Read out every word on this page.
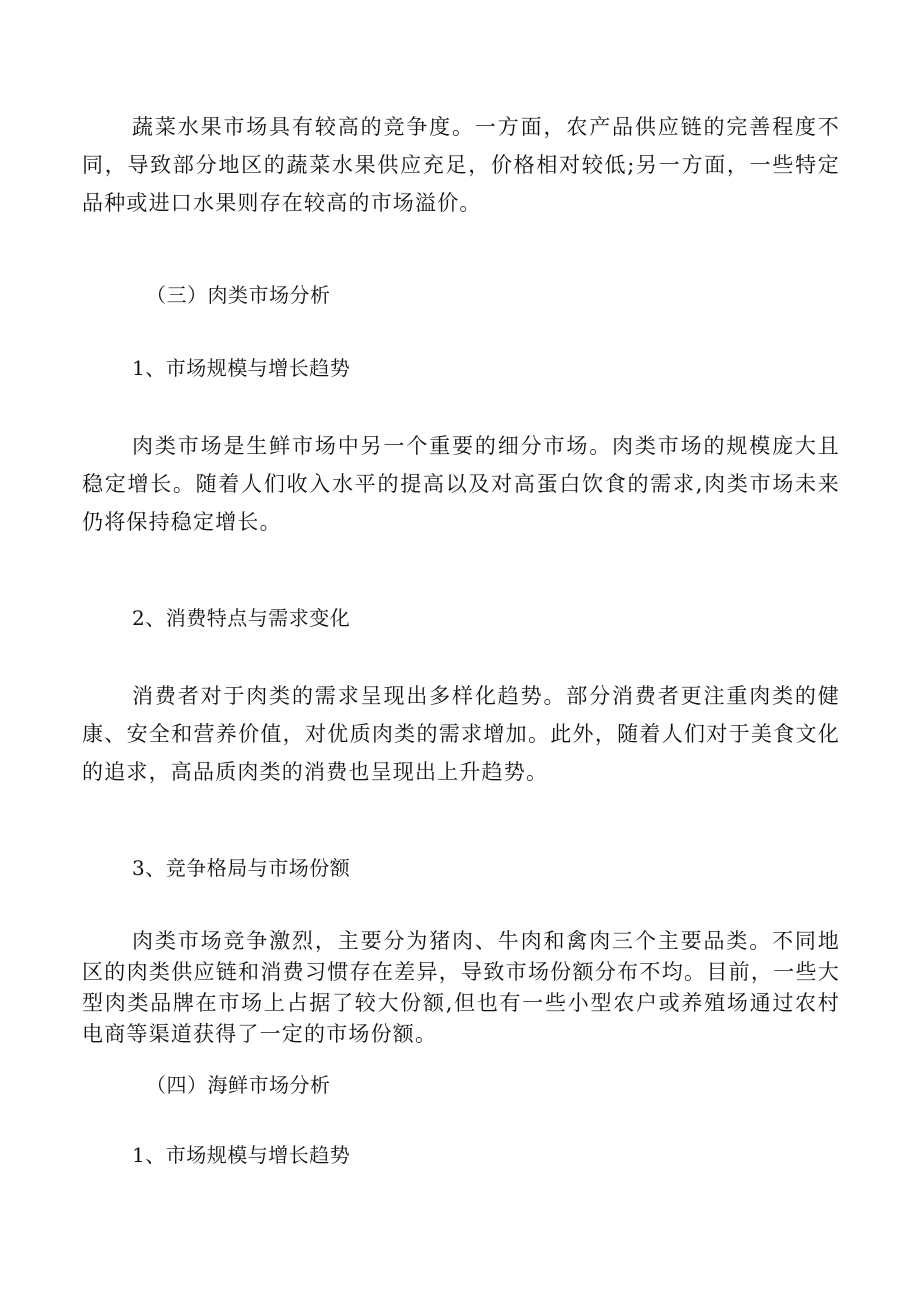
蔬菜水果市场具有较高的竞争度。一方面，农产品供应链的完善程度不同，导致部分地区的蔬菜水果供应充足，价格相对较低;另一方面，一些特定品种或进口水果则存在较高的市场溢价。

（三）肉类市场分析
1、市场规模与增长趋势

肉类市场是生鲜市场中另一个重要的细分市场。肉类市场的规模庞大且稳定增长。随着人们收入水平的提高以及对高蛋白饮食的需求,肉类市场未来仍将保持稳定增长。

2、消费特点与需求变化

消费者对于肉类的需求呈现出多样化趋势。部分消费者更注重肉类的健康、安全和营养价值，对优质肉类的需求增加。此外，随着人们对于美食文化的追求，高品质肉类的消费也呈现出上升趋势。

3、竞争格局与市场份额

肉类市场竞争激烈，主要分为猪肉、牛肉和禽肉三个主要品类。不同地区的肉类供应链和消费习惯存在差异，导致市场份额分布不均。目前，一些大型肉类品牌在市场上占据了较大份额,但也有一些小型农户或养殖场通过农村电商等渠道获得了一定的市场份额。

（四）海鲜市场分析
1、市场规模与增长趋势
